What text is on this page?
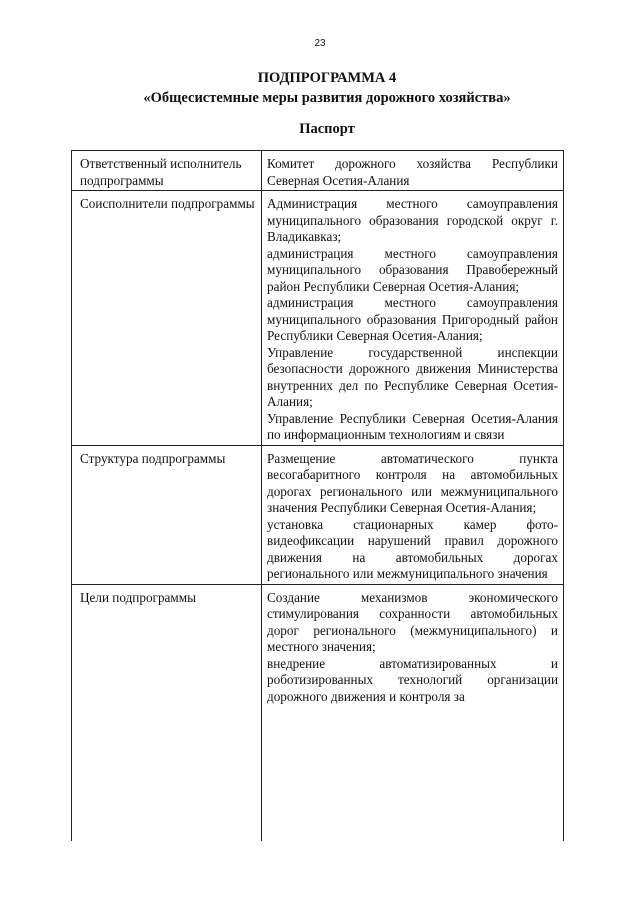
23
ПОДПРОГРАММА 4
«Общесистемные меры развития дорожного хозяйства»
Паспорт
Ответственный исполнитель подпрограммы	Комитет дорожного хозяйства Республики Северная Осетия-Алания

Соисполнители подпрограммы	Администрация местного самоуправления муниципального образования городской округ г. Владикавказ;
администрация местного самоуправления муниципального образования Правобережный район Республики Северная Осетия-Алания;
администрация местного самоуправления муниципального образования Пригородный район Республики Северная Осетия-Алания;
Управление государственной инспекции безопасности дорожного движения Министерства внутренних дел по Республике Северная Осетия-Алания;
Управление Республики Северная Осетия-Алания по информационным технологиям и связи

Структура подпрограммы	Размещение автоматического пункта весогабаритного контроля на автомобильных дорогах регионального или межмуниципального значения Республики Северная Осетия-Алания;
установка стационарных камер фото-видеофиксации нарушений правил дорожного движения на автомобильных дорогах регионального или межмуниципального значения

Цели подпрограммы	Создание механизмов экономического стимулирования сохранности автомобильных дорог регионального (межмуниципального) и местного значения;
внедрение автоматизированных и роботизированных технологий организации дорожного движения и контроля за
